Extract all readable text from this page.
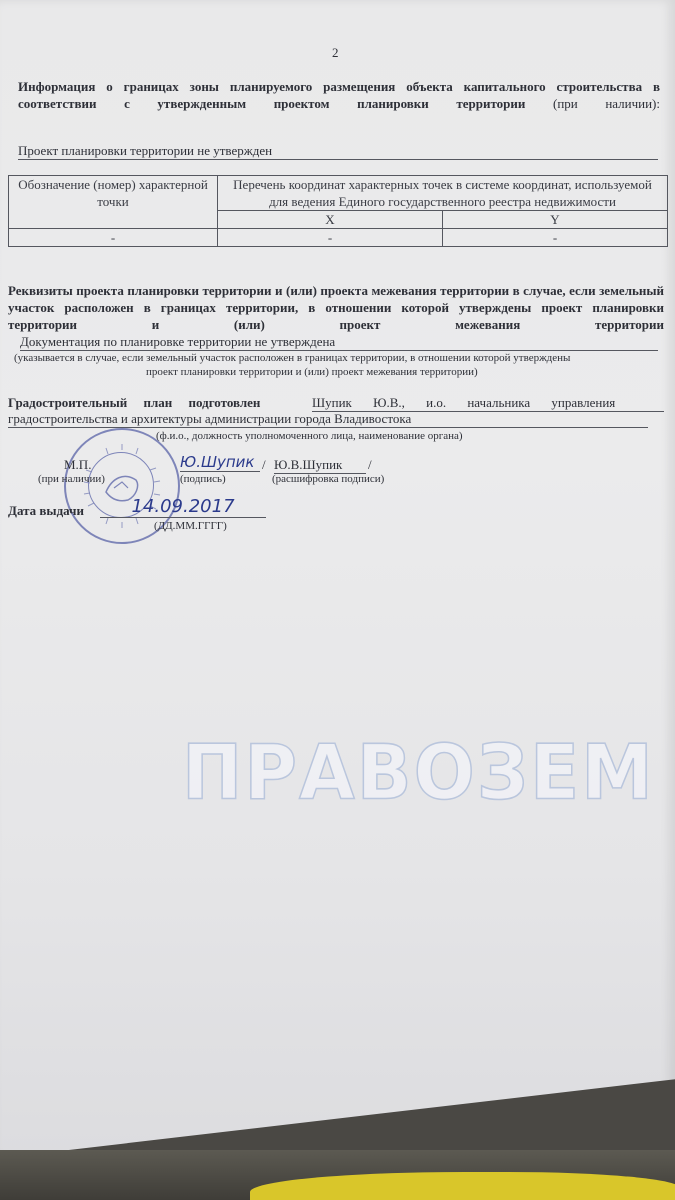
2
Информация о границах зоны планируемого размещения объекта капитального строительства в соответствии с утвержденным проектом планировки территории (при наличии):
Проект планировки территории не утвержден
Обозначение (номер) характерной точки	Перечень координат характерных точек в системе координат, используемой для ведения Единого государственного реестра недвижимости	
	X	Y
-	-	-
Реквизиты проекта планировки территории и (или) проекта межевания территории в случае, если земельный участок расположен в границах территории, в отношении которой утверждены проект планировки территории и (или) проект межевания территории
Документация по планировке территории не утверждена
(указывается в случае, если земельный участок расположен в границах территории, в отношении которой утверждены
проект планировки территории и (или) проект межевания территории)
Градостроительный план подготовлен	Шупик Ю.В., и.о. начальника управления
градостроительства и архитектуры администрации города Владивостока
(ф.и.о., должность уполномоченного лица, наименование органа)
М.П.
(при наличии)
Ю.Шупик /
(подпись)
Ю.В.Шупик	/
(расшифровка подписи)
Дата выдачи	14.09.2017
(ДД.ММ.ГГГГ)
ПРАВОЗЕМ
